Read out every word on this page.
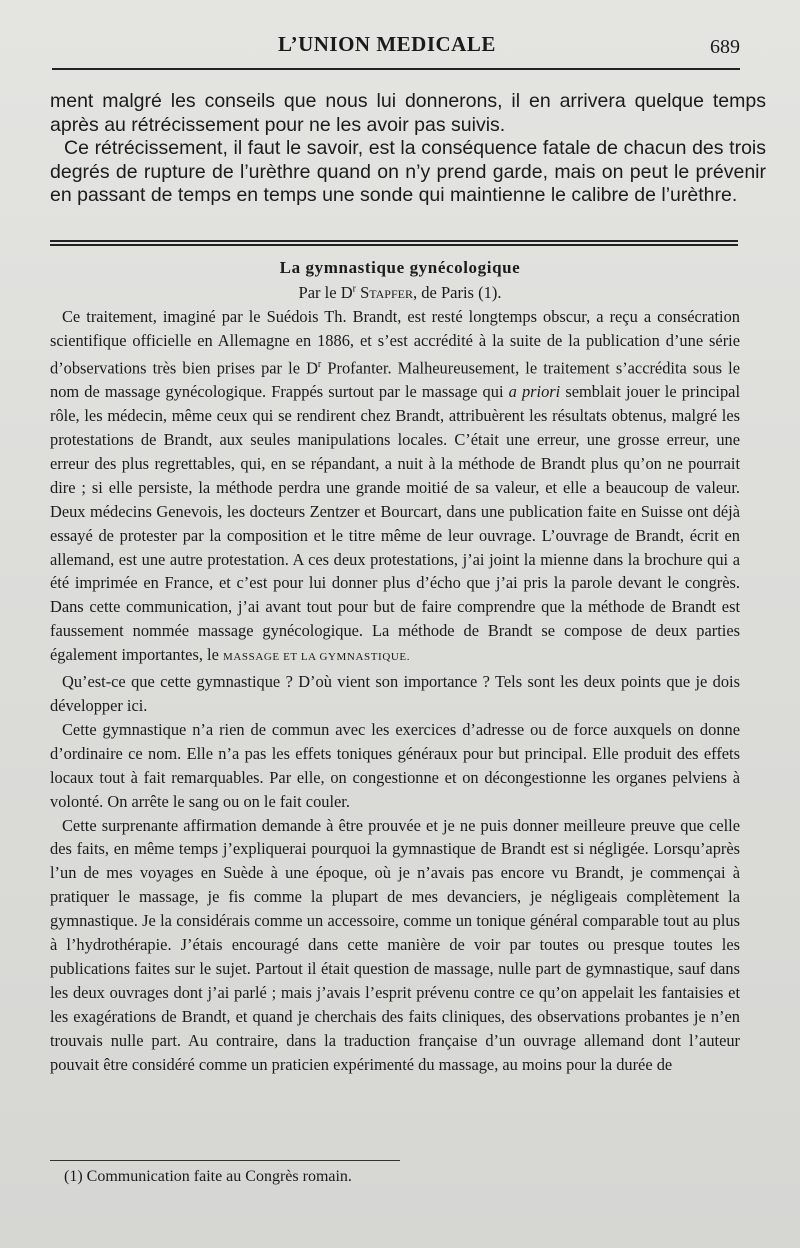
L’UNION MEDICALE	689

ment malgré les conseils que nous lui donnerons, il en arrivera quelque temps après au rétrécissement pour ne les avoir pas suivis.

Ce rétrécissement, il faut le savoir, est la conséquence fatale de chacun des trois degrés de rupture de l’urèthre quand on n’y prend garde, mais on peut le prévenir en passant de temps en temps une sonde qui maintienne le calibre de l’urèthre.

La gymnastique gynécologique
Par le $D^r$ Stapfer, de Paris (1).

Ce traitement, imaginé par le Suédois Th. Brandt, est resté longtemps obscur, a reçu a consécration scientifique officielle en Allemagne en 1886, et s’est accrédité à la suite de la publication d’une série d’observations très bien prises par le $D^r$ Profanter. Malheureusement, le traitement s’accrédita sous le nom de massage gynécologique. Frappés surtout par le massage qui a priori semblait jouer le principal rôle, les médecin, même ceux qui se rendirent chez Brandt, attribuèrent les résultats obtenus, malgré les protestations de Brandt, aux seules manipulations locales. C’était une erreur, une grosse erreur, une erreur des plus regrettables, qui, en se répandant, a nuit à la méthode de Brandt plus qu’on ne pourrait dire ; si elle persiste, la méthode perdra une grande moitié de sa valeur, et elle a beaucoup de valeur. Deux médecins Genevois, les docteurs Zentzer et Bourcart, dans une publication faite en Suisse ont déjà essayé de protester par la composition et le titre même de leur ouvrage. L’ouvrage de Brandt, écrit en allemand, est une autre protestation. A ces deux protestations, j’ai joint la mienne dans la brochure qui a été imprimée en France, et c’est pour lui donner plus d’écho que j’ai pris la parole devant le congrès. Dans cette communication, j’ai avant tout pour but de faire comprendre que la méthode de Brandt est faussement nommée massage gynécologique. La méthode de Brandt se compose de deux parties également importantes, le MASSAGE ET LA GYMNASTIQUE.

Qu’est-ce que cette gymnastique ? D’où vient son importance ? Tels sont les deux points que je dois développer ici.

Cette gymnastique n’a rien de commun avec les exercices d’adresse ou de force auxquels on donne d’ordinaire ce nom. Elle n’a pas les effets toniques généraux pour but principal. Elle produit des effets locaux tout à fait remarquables. Par elle, on congestionne et on décongestionne les organes pelviens à volonté. On arrête le sang ou on le fait couler.

Cette surprenante affirmation demande à être prouvée et je ne puis donner meilleure preuve que celle des faits, en même temps j’expliquerai pourquoi la gymnastique de Brandt est si négligée. Lorsqu’après l’un de mes voyages en Suède à une époque, où je n’avais pas encore vu Brandt, je commençai à pratiquer le massage, je fis comme la plupart de mes devanciers, je négligeais complètement la gymnastique. Je la considérais comme un accessoire, comme un tonique général comparable tout au plus à l’hydrothérapie. J’étais encouragé dans cette manière de voir par toutes ou presque toutes les publications faites sur le sujet. Partout il était question de massage, nulle part de gymnastique, sauf dans les deux ouvrages dont j’ai parlé ; mais j’avais l’esprit prévenu contre ce qu’on appelait les fantaisies et les exagérations de Brandt, et quand je cherchais des faits cliniques, des observations probantes je n’en trouvais nulle part. Au contraire, dans la traduction française d’un ouvrage allemand dont l’auteur pouvait être considéré comme un praticien expérimenté du massage, au moins pour la durée de

(1) Communication faite au Congrès romain.
